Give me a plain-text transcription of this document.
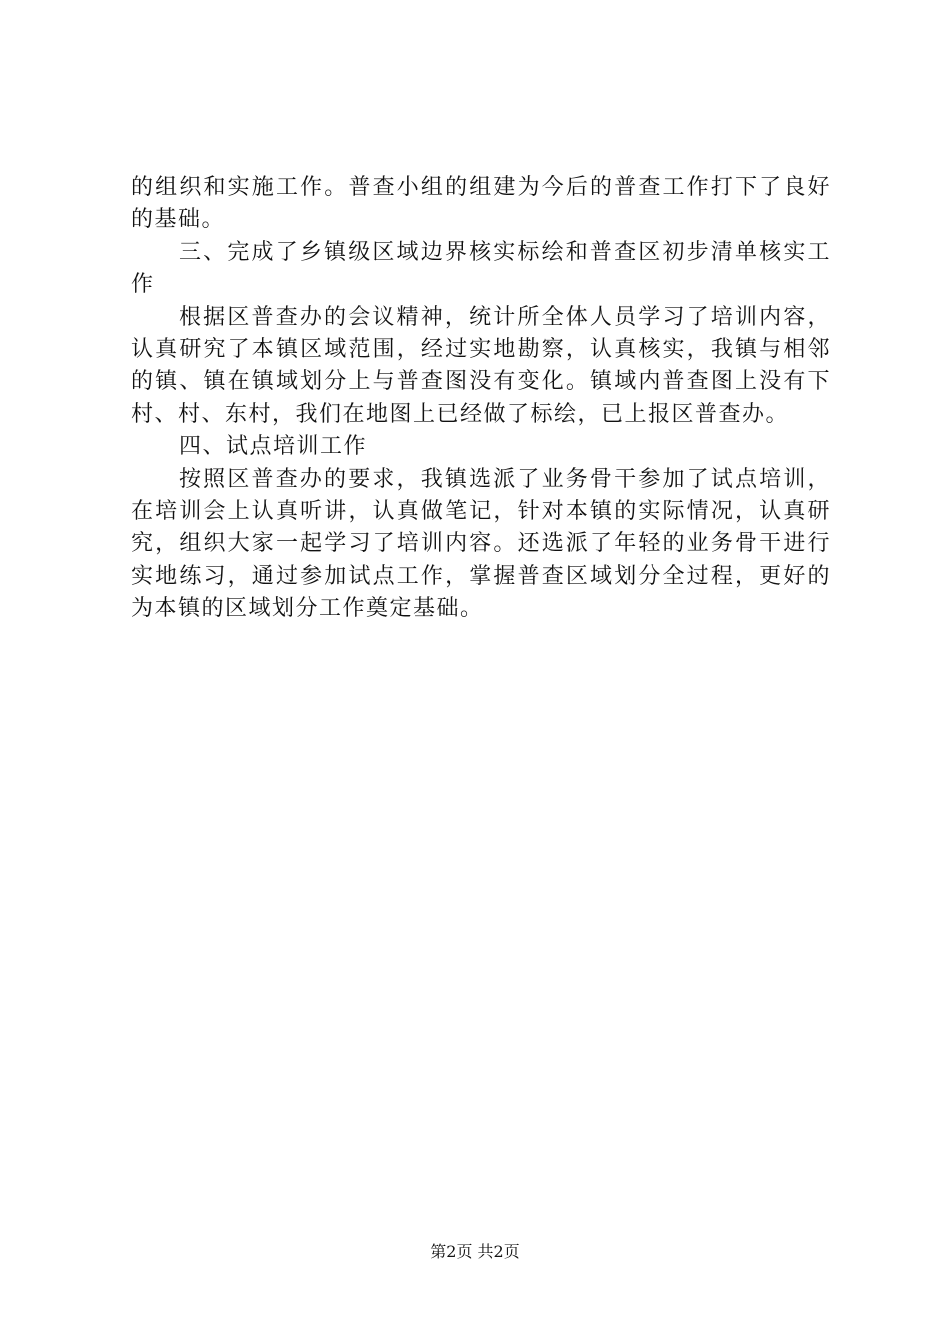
的组织和实施工作。普查小组的组建为今后的普查工作打下了良好的基础。

三、完成了乡镇级区域边界核实标绘和普查区初步清单核实工作

根据区普查办的会议精神，统计所全体人员学习了培训内容，认真研究了本镇区域范围，经过实地勘察，认真核实，我镇与相邻的镇、镇在镇域划分上与普查图没有变化。镇域内普查图上没有下村、村、东村，我们在地图上已经做了标绘，已上报区普查办。

四、试点培训工作

按照区普查办的要求，我镇选派了业务骨干参加了试点培训，在培训会上认真听讲，认真做笔记，针对本镇的实际情况，认真研究，组织大家一起学习了培训内容。还选派了年轻的业务骨干进行实地练习，通过参加试点工作，掌握普查区域划分全过程，更好的为本镇的区域划分工作奠定基础。

第2页 共2页
